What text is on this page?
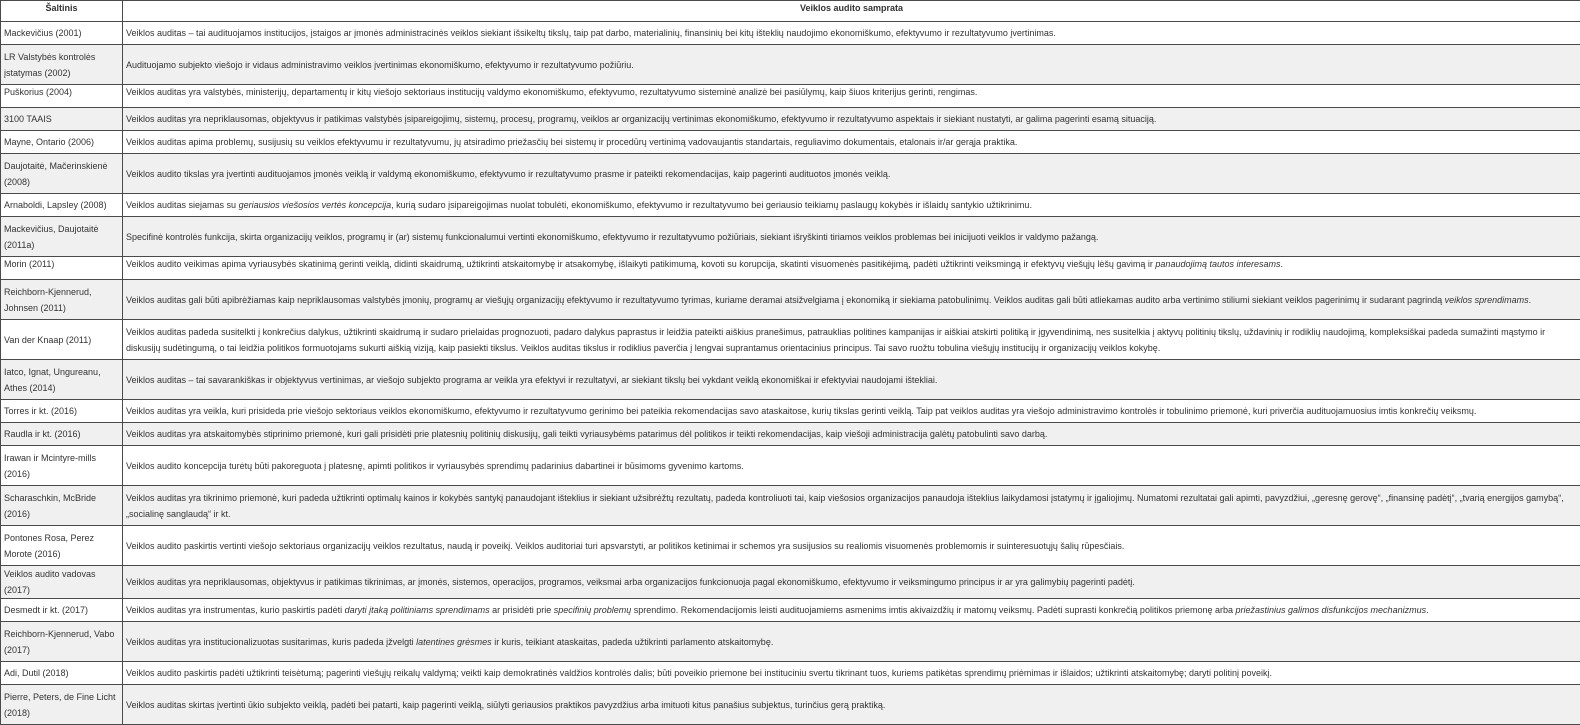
Šaltinis	Veiklos audito samprata
Mackevičius (2001)	Veiklos auditas – tai audituojamos institucijos, įstaigos ar įmonės administracinės veiklos siekiant išsikeltų tikslų, taip pat darbo, materialinių, finansinių bei kitų išteklių naudojimo ekonomiškumo, efektyvumo ir rezultatyvumo įvertinimas.
LR Valstybės kontrolės įstatymas (2002)	Audituojamo subjekto viešojo ir vidaus administravimo veiklos įvertinimas ekonomiškumo, efektyvumo ir rezultatyvumo požiūriu.
Puškorius (2004)	Veiklos auditas yra valstybės, ministerijų, departamentų ir kitų viešojo sektoriaus institucijų valdymo ekonomiškumo, efektyvumo, rezultatyvumo sisteminė analizė bei pasiūlymų, kaip šiuos kriterijus gerinti, rengimas.
3100 TAAIS	Veiklos auditas yra nepriklausomas, objektyvus ir patikimas valstybės įsipareigojimų, sistemų, procesų, programų, veiklos ar organizacijų vertinimas ekonomiškumo, efektyvumo ir rezultatyvumo aspektais ir siekiant nustatyti, ar galima pagerinti esamą situaciją.
Mayne, Ontario (2006)	Veiklos auditas apima problemų, susijusių su veiklos efektyvumu ir rezultatyvumu, jų atsiradimo priežasčių bei sistemų ir procedūrų vertinimą vadovaujantis standartais, reguliavimo dokumentais, etalonais ir/ar gerąja praktika.
Daujotaitė, Mačerinskienė (2008)	Veiklos audito tikslas yra įvertinti audituojamos įmonės veiklą ir valdymą ekonomiškumo, efektyvumo ir rezultatyvumo prasme ir pateikti rekomendacijas, kaip pagerinti audituotos įmonės veiklą.
Arnaboldi, Lapsley (2008)	Veiklos auditas siejamas su geriausios viešosios vertės koncepcija, kurią sudaro įsipareigojimas nuolat tobulėti, ekonomiškumo, efektyvumo ir rezultatyvumo bei geriausio teikiamų paslaugų kokybės ir išlaidų santykio užtikrinimu.
Mackevičius, Daujotaitė (2011a)	Specifinė kontrolės funkcija, skirta organizacijų veiklos, programų ir (ar) sistemų funkcionalumui vertinti ekonomiškumo, efektyvumo ir rezultatyvumo požiūriais, siekiant išryškinti tiriamos veiklos problemas bei inicijuoti veiklos ir valdymo pažangą.
Morin (2011)	Veiklos audito veikimas apima vyriausybės skatinimą gerinti veiklą, didinti skaidrumą, užtikrinti atskaitomybę ir atsakomybę, išlaikyti patikimumą, kovoti su korupcija, skatinti visuomenės pasitikėjimą, padėti užtikrinti veiksmingą ir efektyvų viešųjų lėšų gavimą ir panaudojimą tautos interesams.
Reichborn-Kjennerud, Johnsen (2011)	Veiklos auditas gali būti apibrėžiamas kaip nepriklausomas valstybės įmonių, programų ar viešųjų organizacijų efektyvumo ir rezultatyvumo tyrimas, kuriame deramai atsižvelgiama į ekonomiką ir siekiama patobulinimų. Veiklos auditas gali būti atliekamas audito arba vertinimo stiliumi siekiant veiklos pagerinimų ir sudarant pagrindą veiklos sprendimams.
Van der Knaap (2011)	Veiklos auditas padeda susitelkti į konkrečius dalykus, užtikrinti skaidrumą ir sudaro prielaidas prognozuoti, padaro dalykus paprastus ir leidžia pateikti aiškius pranešimus, patrauklias politines kampanijas ir aiškiai atskirti politiką ir įgyvendinimą, nes susitelkia į aktyvų politinių tikslų, uždavinių ir rodiklių naudojimą, kompleksiškai padeda sumažinti mąstymo ir diskusijų sudėtingumą, o tai leidžia politikos formuotojams sukurti aiškią viziją, kaip pasiekti tikslus. Veiklos auditas tikslus ir rodiklius paverčia į lengvai suprantamus orientacinius principus. Tai savo ruožtu tobulina viešųjų institucijų ir organizacijų veiklos kokybę.
Iatco, Ignat, Ungureanu, Athes (2014)	Veiklos auditas – tai savarankiškas ir objektyvus vertinimas, ar viešojo subjekto programa ar veikla yra efektyvi ir rezultatyvi, ar siekiant tikslų bei vykdant veiklą ekonomiškai ir efektyviai naudojami ištekliai.
Torres ir kt. (2016)	Veiklos auditas yra veikla, kuri prisideda prie viešojo sektoriaus veiklos ekonomiškumo, efektyvumo ir rezultatyvumo gerinimo bei pateikia rekomendacijas savo ataskaitose, kurių tikslas gerinti veiklą. Taip pat veiklos auditas yra viešojo administravimo kontrolės ir tobulinimo priemonė, kuri priverčia audituojamuosius imtis konkrečių veiksmų.
Raudla ir kt. (2016)	Veiklos auditas yra atskaitomybės stiprinimo priemonė, kuri gali prisidėti prie platesnių politinių diskusijų, gali teikti vyriausybėms patarimus dėl politikos ir teikti rekomendacijas, kaip viešoji administracija galėtų patobulinti savo darbą.
Irawan ir Mcintyre-mills (2016)	Veiklos audito koncepcija turėtų būti pakoreguota į platesnę, apimti politikos ir vyriausybės sprendimų padarinius dabartinei ir būsimoms gyvenimo kartoms.
Scharaschkin, McBride (2016)	Veiklos auditas yra tikrinimo priemonė, kuri padeda užtikrinti optimalų kainos ir kokybės santykį panaudojant išteklius ir siekiant užsibrėžtų rezultatų, padeda kontroliuoti tai, kaip viešosios organizacijos panaudoja išteklius laikydamosi įstatymų ir įgaliojimų. Numatomi rezultatai gali apimti, pavyzdžiui, „geresnę gerovę“, „finansinę padėtį“, „tvarią energijos gamybą“, „socialinę sanglaudą“ ir kt.
Pontones Rosa, Perez Morote (2016)	Veiklos audito paskirtis vertinti viešojo sektoriaus organizacijų veiklos rezultatus, naudą ir poveikį. Veiklos auditoriai turi apsvarstyti, ar politikos ketinimai ir schemos yra susijusios su realiomis visuomenės problemomis ir suinteresuotųjų šalių rūpesčiais.
Veiklos audito vadovas (2017)	Veiklos auditas yra nepriklausomas, objektyvus ir patikimas tikrinimas, ar įmonės, sistemos, operacijos, programos, veiksmai arba organizacijos funkcionuoja pagal ekonomiškumo, efektyvumo ir veiksmingumo principus ir ar yra galimybių pagerinti padėtį.
Desmedt ir kt. (2017)	Veiklos auditas yra instrumentas, kurio paskirtis padėti daryti įtaką politiniams sprendimams ar prisidėti prie specifinių problemų sprendimo. Rekomendacijomis leisti audituojamiems asmenims imtis akivaizdžių ir matomų veiksmų. Padėti suprasti konkrečią politikos priemonę arba priežastinius galimos disfunkcijos mechanizmus.
Reichborn-Kjennerud, Vabo (2017)	Veiklos auditas yra institucionalizuotas susitarimas, kuris padeda įžvelgti latentines grėsmes ir kuris, teikiant ataskaitas, padeda užtikrinti parlamento atskaitomybę.
Adi, Dutil (2018)	Veiklos audito paskirtis padėti užtikrinti teisėtumą; pagerinti viešųjų reikalų valdymą; veikti kaip demokratinės valdžios kontrolės dalis; būti poveikio priemone bei instituciniu svertu tikrinant tuos, kuriems patikėtas sprendimų priėmimas ir išlaidos; užtikrinti atskaitomybę; daryti politinį poveikį.
Pierre, Peters, de Fine Licht (2018)	Veiklos auditas skirtas įvertinti ūkio subjekto veiklą, padėti bei patarti, kaip pagerinti veiklą, siūlyti geriausios praktikos pavyzdžius arba imituoti kitus panašius subjektus, turinčius gerą praktiką.
